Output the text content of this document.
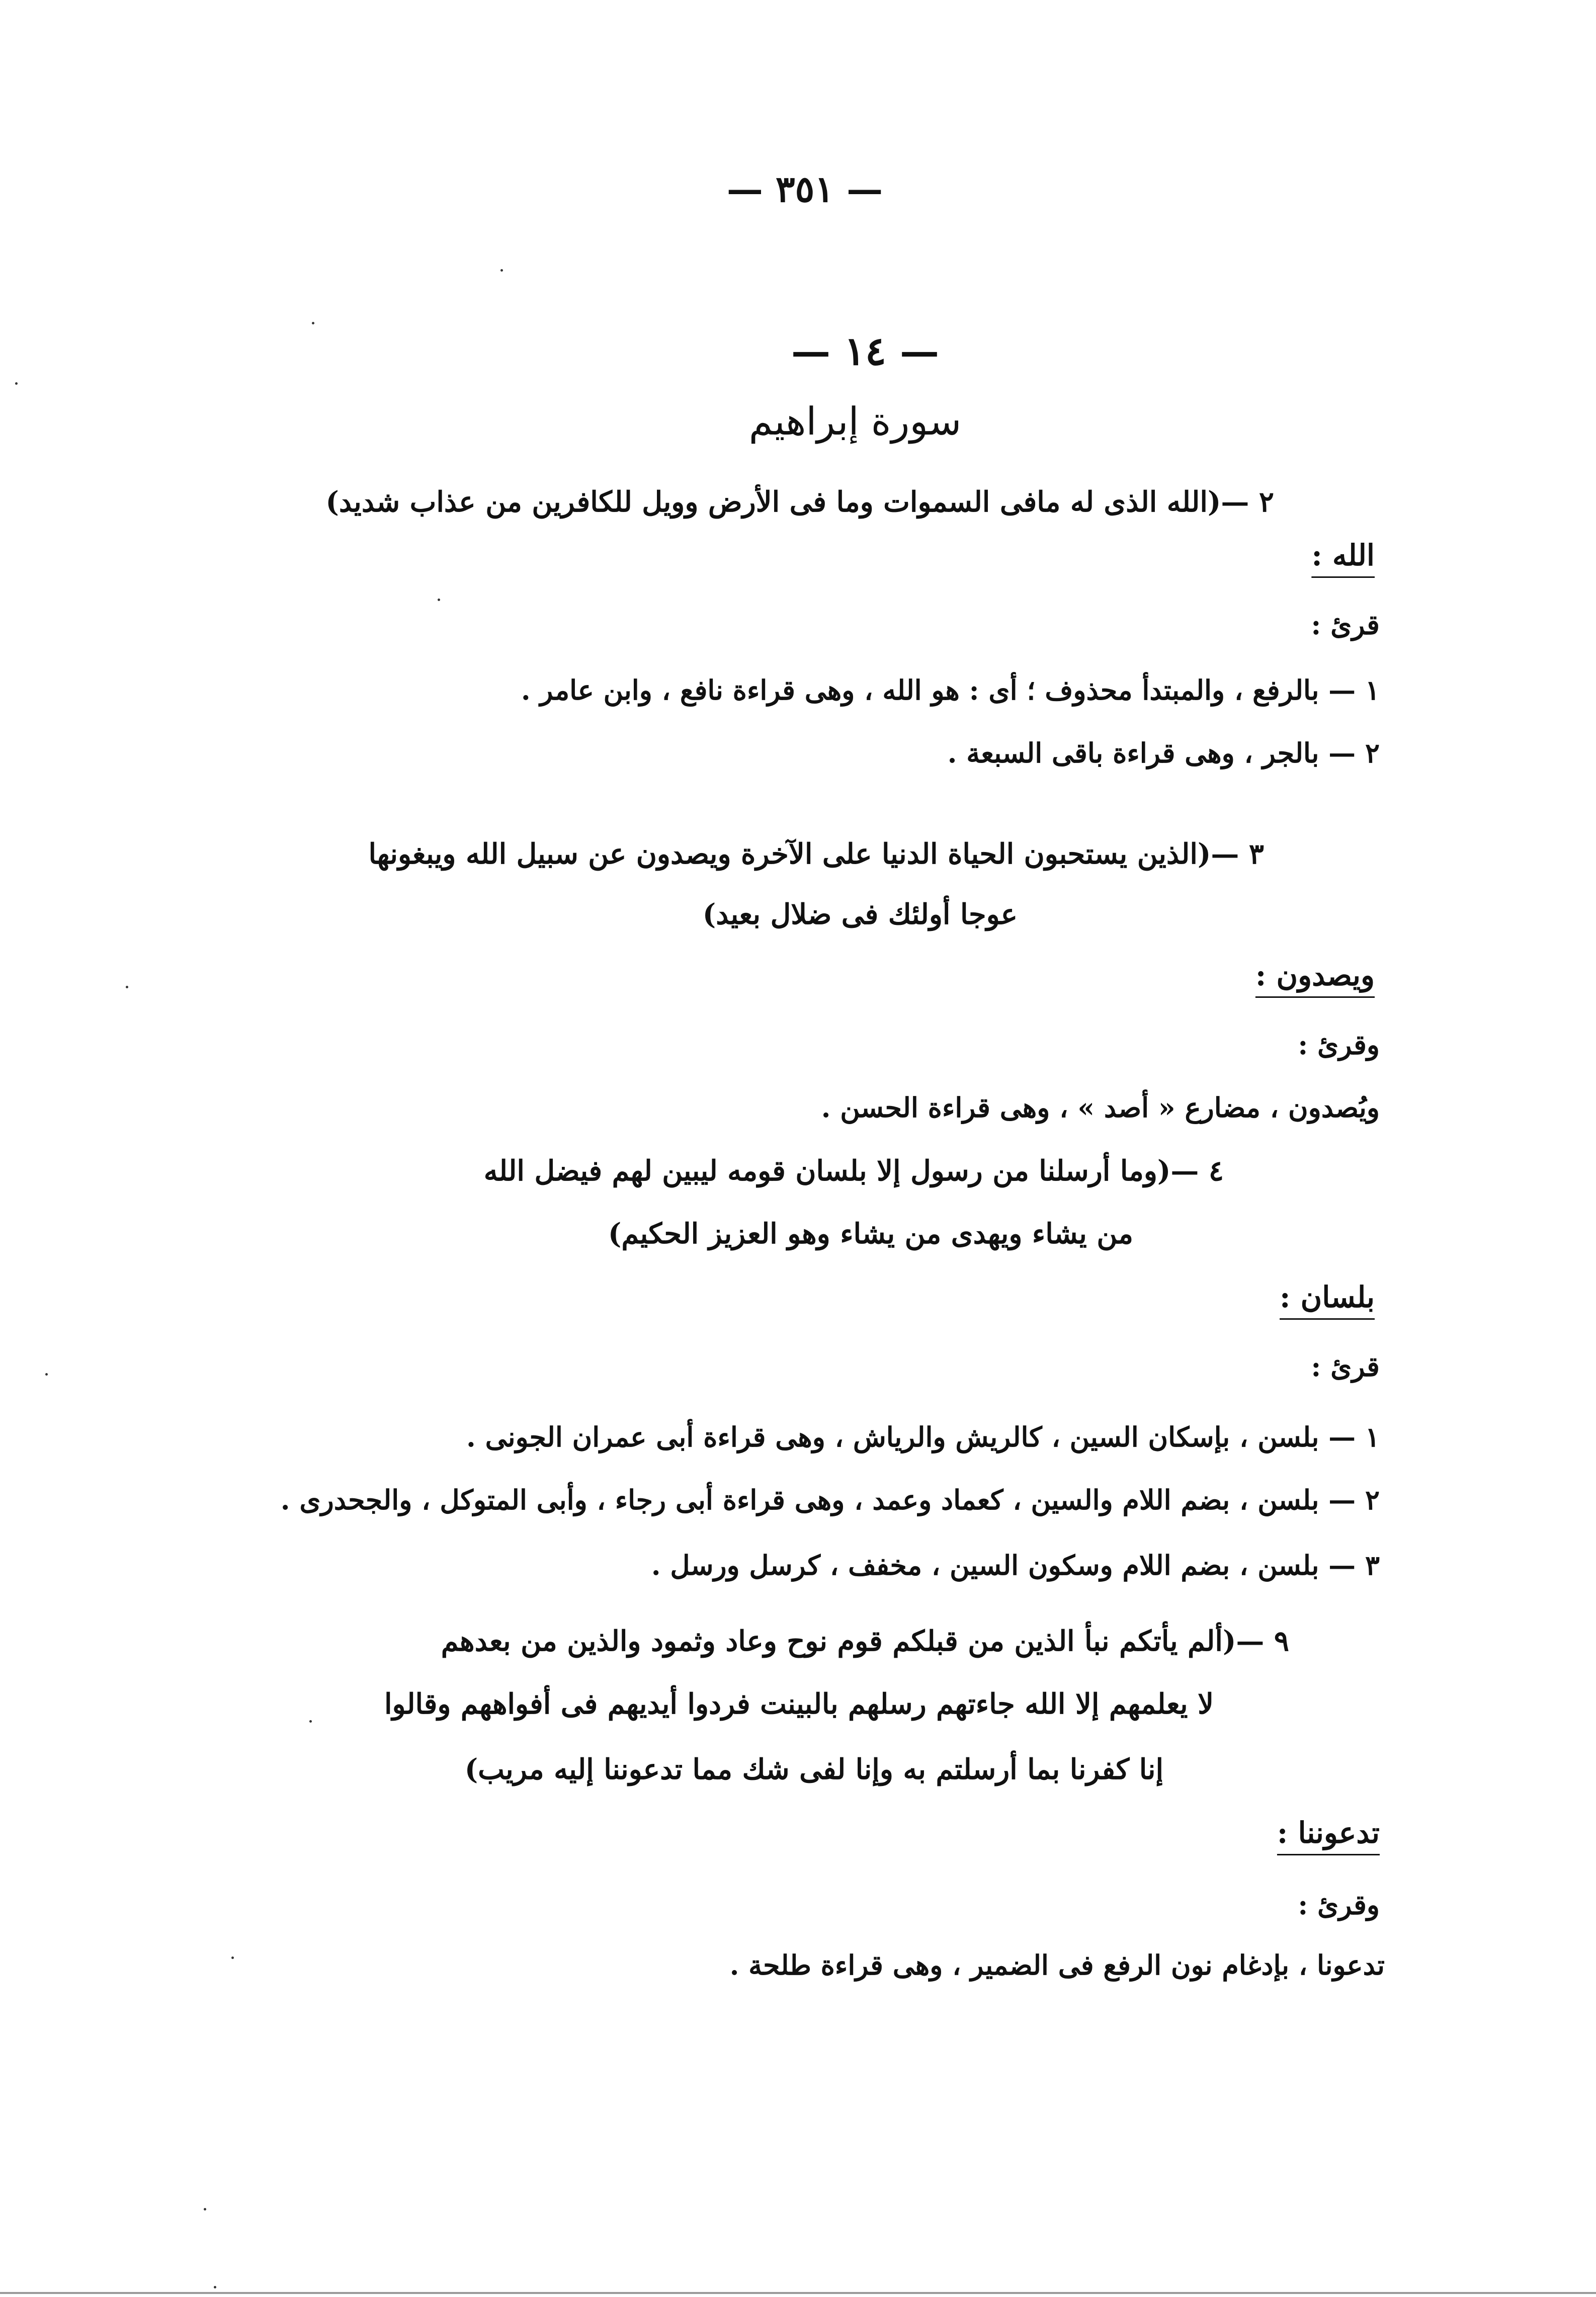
— ٣٥١ —
— ١٤ —
سورة إبراهيم
٢ —(الله الذى له مافى السموات وما فى الأرض وويل للكافرين من عذاب شديد)
الله :
قرئ :
١ — بالرفع ، والمبتدأ محذوف ؛ أى : هو الله ، وهى قراءة نافع ، وابن عامر .
٢ — بالجر ، وهى قراءة باقى السبعة .
٣ —(الذين يستحبون الحياة الدنيا على الآخرة ويصدون عن سبيل الله ويبغونها
عوجا أولئك فى ضلال بعيد)
ويصدون :
وقرئ :
ويُصدون ، مضارع « أصد » ، وهى قراءة الحسن .
٤ —(وما أرسلنا من رسول إلا بلسان قومه ليبين لهم فيضل الله
من يشاء ويهدى من يشاء وهو العزيز الحكيم)
بلسان :
قرئ :
١ — بلسن ، بإسكان السين ، كالريش والرياش ، وهى قراءة أبى عمران الجونى .
٢ — بلسن ، بضم اللام والسين ، كعماد وعمد ، وهى قراءة أبى رجاء ، وأبى المتوكل ، والجحدرى .
٣ — بلسن ، بضم اللام وسكون السين ، مخفف ، كرسل ورسل .
٩ —(ألم يأتكم نبأ الذين من قبلكم قوم نوح وعاد وثمود والذين من بعدهم
لا يعلمهم إلا الله جاءتهم رسلهم بالبينت فردوا أيديهم فى أفواههم وقالوا
إنا كفرنا بما أرسلتم به وإنا لفى شك مما تدعوننا إليه مريب)
تدعوننا :
وقرئ :
تدعونا ، بإدغام نون الرفع فى الضمير ، وهى قراءة طلحة .
